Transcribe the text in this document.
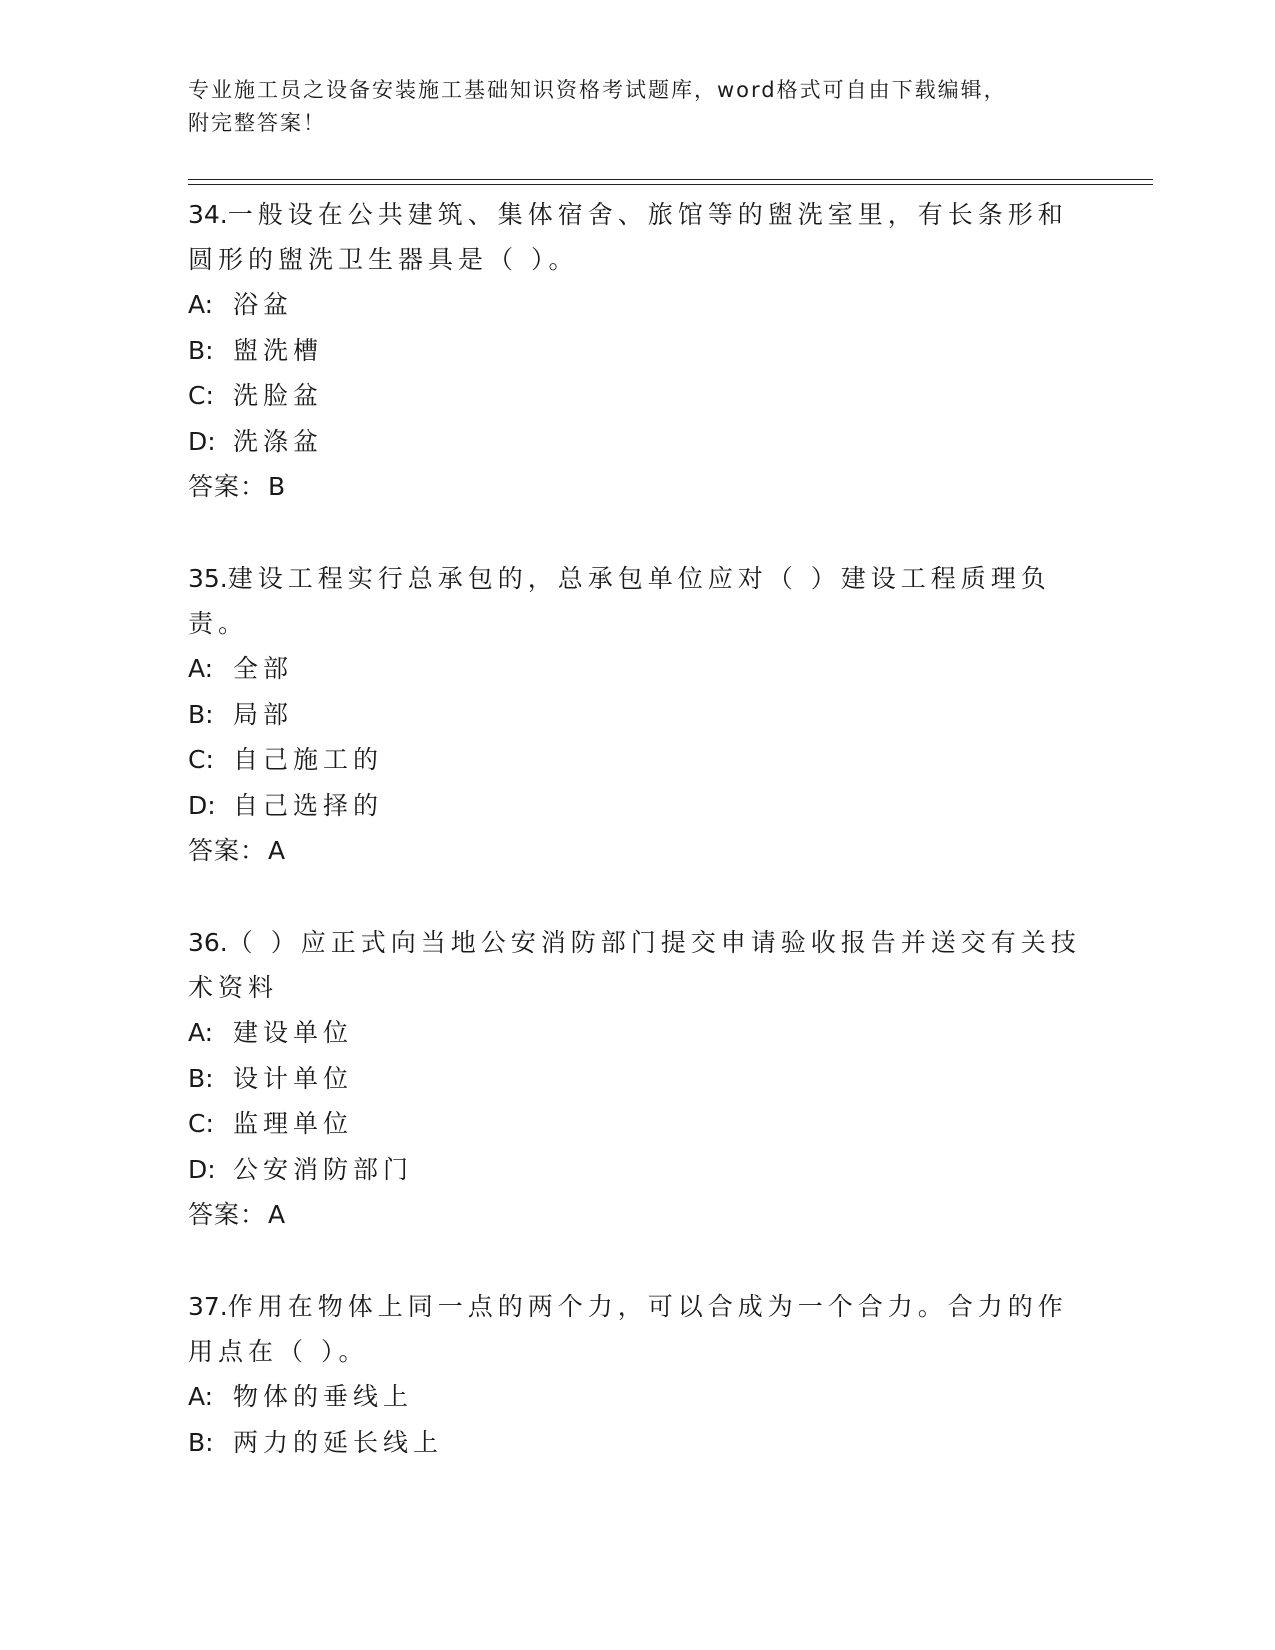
专业施工员之设备安装施工基础知识资格考试题库，word格式可自由下载编辑，
附完整答案！

34.一般设在公共建筑、集体宿舍、旅馆等的盥洗室里，有长条形和圆形的盥洗卫生器具是（ ）。

A: 浴盆
B: 盥洗槽
C: 洗脸盆
D: 洗涤盆
答案： B

35.建设工程实行总承包的，总承包单位应对（ ）建设工程质理负责。

A: 全部
B: 局部
C: 自己施工的
D: 自己选择的
答案： A

36.（ ）应正式向当地公安消防部门提交申请验收报告并送交有关技术资料

A: 建设单位
B: 设计单位
C: 监理单位
D: 公安消防部门
答案： A

37.作用在物体上同一点的两个力，可以合成为一个合力。合力的作用点在（ ）。

A: 物体的垂线上
B: 两力的延长线上
